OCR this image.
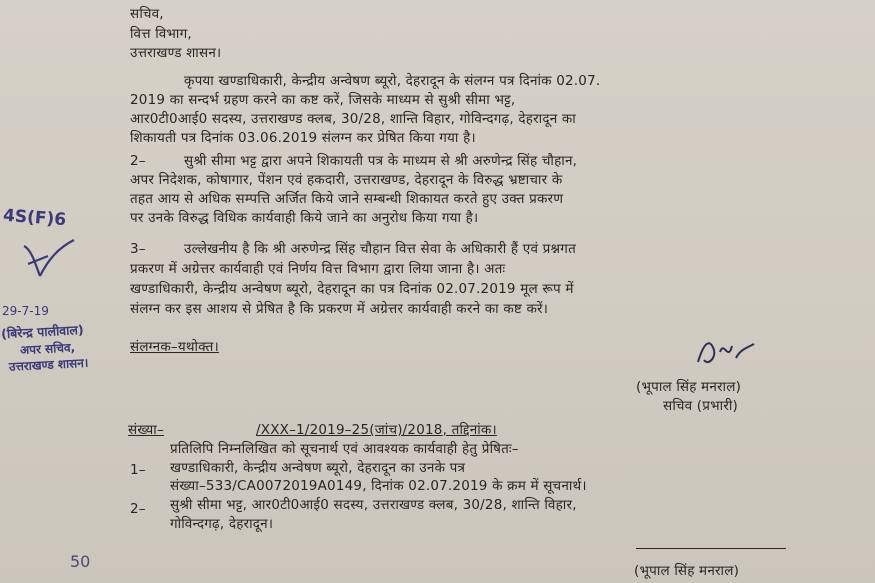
सचिव,
वित्त विभाग,
उत्तराखण्ड शासन।
कृपया खण्डाधिकारी, केन्द्रीय अन्वेषण ब्यूरो, देहरादून के संलग्न पत्र दिनांक 02.07.
2019 का सन्दर्भ ग्रहण करने का कष्ट करें, जिसके माध्यम से सुश्री सीमा भट्ट,
आर0टी0आई0 सदस्य, उत्तराखण्ड क्लब, 30/28, शान्ति विहार, गोविन्दगढ़, देहरादून का
शिकायती पत्र दिनांक 03.06.2019 संलग्न कर प्रेषित किया गया है।
2–	सुश्री सीमा भट्ट द्वारा अपने शिकायती पत्र के माध्यम से श्री अरुणेन्द्र सिंह चौहान,
अपर निदेशक, कोषागार, पेंशन एवं हकदारी, उत्तराखण्ड, देहरादून के विरुद्ध भ्रष्टाचार के
तहत आय से अधिक सम्पत्ति अर्जित किये जाने सम्बन्धी शिकायत करते हुए उक्त प्रकरण
पर उनके विरुद्ध विधिक कार्यवाही किये जाने का अनुरोध किया गया है।
3–	उल्लेखनीय है कि श्री अरुणेन्द्र सिंह चौहान वित्त सेवा के अधिकारी हैं एवं प्रश्नगत
प्रकरण में अग्रेत्तर कार्यवाही एवं निर्णय वित्त विभाग द्वारा लिया जाना है। अतः
खण्डाधिकारी, केन्द्रीय अन्वेषण ब्यूरो, देहरादून का पत्र दिनांक 02.07.2019 मूल रूप में
संलग्न कर इस आशय से प्रेषित है कि प्रकरण में अग्रेत्तर कार्यवाही करने का कष्ट करें।
संलग्नक–यथोक्त।
(भूपाल सिंह मनराल)
सचिव (प्रभारी)
संख्या–	/XXX–1/2019–25(जांच)/2018, तद्दिनांक।
प्रतिलिपि निम्नलिखित को सूचनार्थ एवं आवश्यक कार्यवाही हेतु प्रेषितः–
1– खण्डाधिकारी, केन्द्रीय अन्वेषण ब्यूरो, देहरादून का उनके पत्र
संख्या–533/CA0072019A0149, दिनांक 02.07.2019 के क्रम में सूचनार्थ।
2– सुश्री सीमा भट्ट, आर0टी0आई0 सदस्य, उत्तराखण्ड क्लब, 30/28, शान्ति विहार,
गोविन्दगढ़, देहरादून।
(भूपाल सिंह मनराल)
4S(F)6
29-7-19
(बिरेन्द्र पालीवाल)
अपर सचिव,
उत्तराखण्ड शासन।
50
